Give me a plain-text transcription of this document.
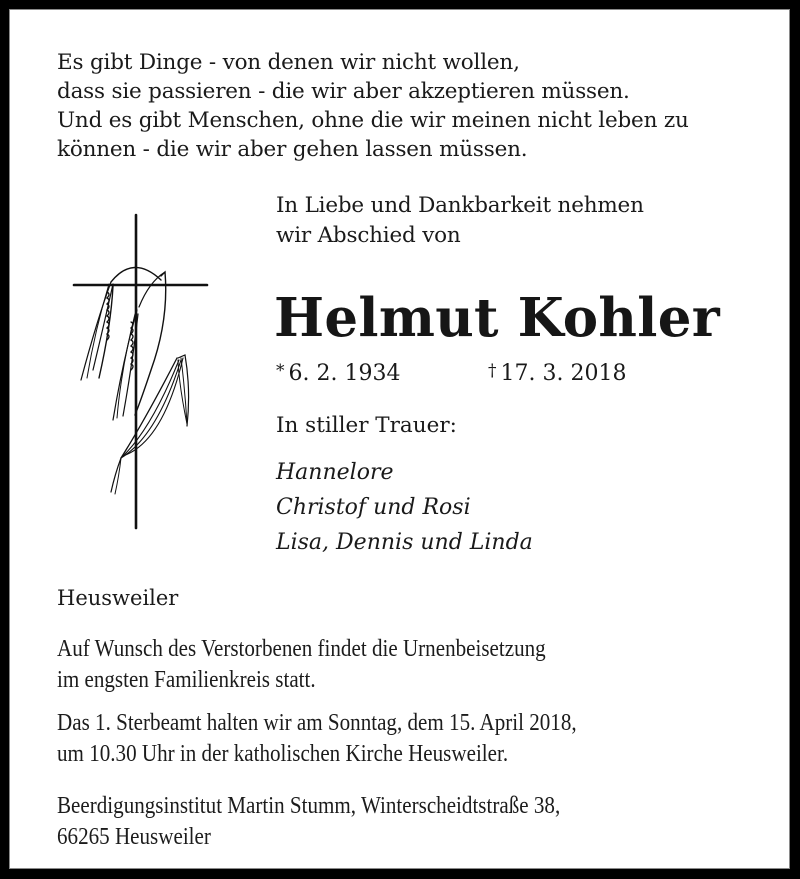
Es gibt Dinge - von denen wir nicht wollen,
dass sie passieren - die wir aber akzeptieren müssen.
Und es gibt Menschen, ohne die wir meinen nicht leben zu
können - die wir aber gehen lassen müssen.
In Liebe und Dankbarkeit nehmen
wir Abschied von
Helmut Kohler
* 6. 2. 1934	† 17. 3. 2018
In stiller Trauer:
Hannelore
Christof und Rosi
Lisa, Dennis und Linda
Heusweiler
Auf Wunsch des Verstorbenen findet die Urnenbeisetzung
im engsten Familienkreis statt.
Das 1. Sterbeamt halten wir am Sonntag, dem 15. April 2018,
um 10.30 Uhr in der katholischen Kirche Heusweiler.
Beerdigungsinstitut Martin Stumm, Winterscheidtstraße 38,
66265 Heusweiler
